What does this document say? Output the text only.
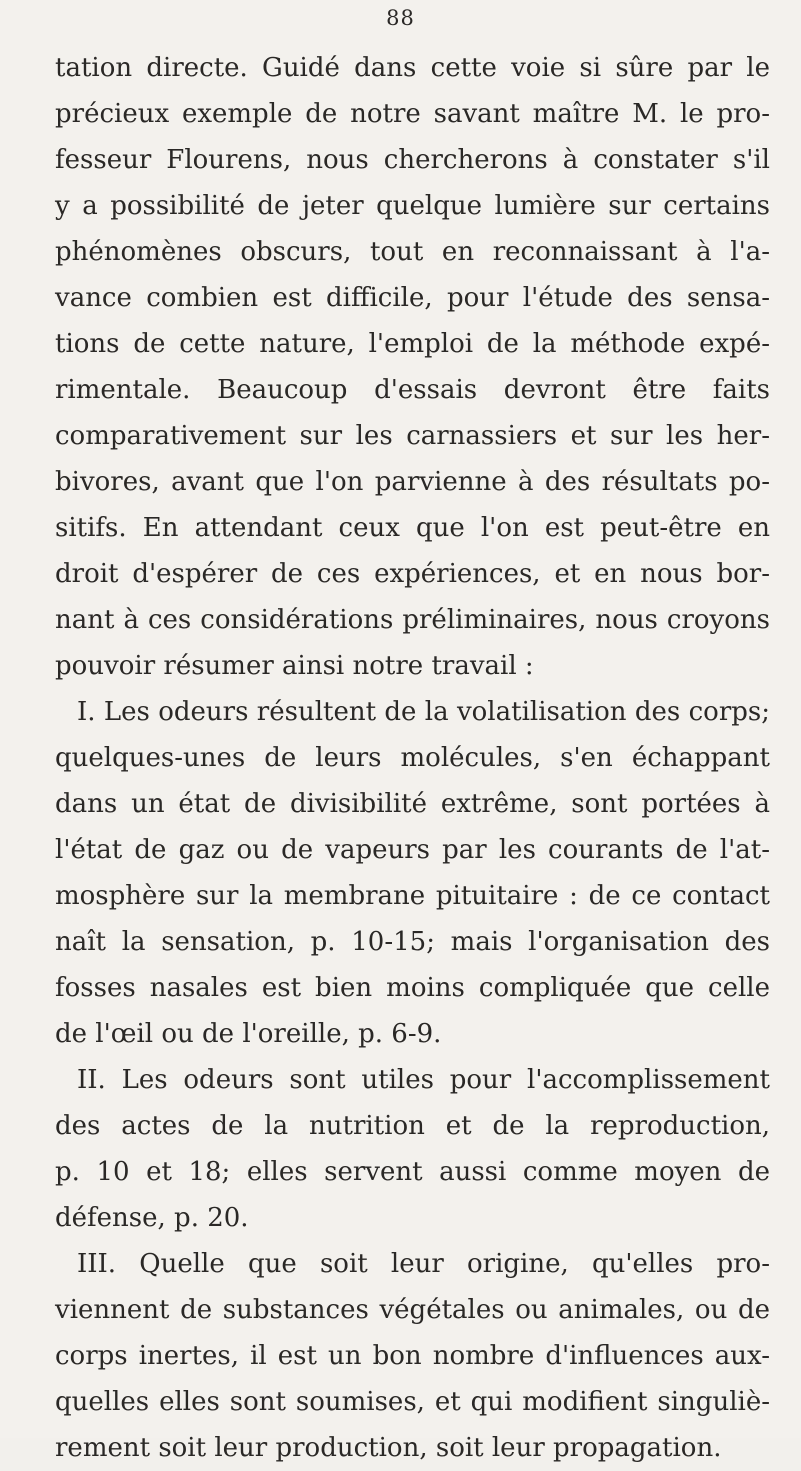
88
tation directe. Guidé dans cette voie si sûre par le
précieux exemple de notre savant maître M. le pro-
fesseur Flourens, nous chercherons à constater s'il
y a possibilité de jeter quelque lumière sur certains
phénomènes obscurs, tout en reconnaissant à l'a-
vance combien est difficile, pour l'étude des sensa-
tions de cette nature, l'emploi de la méthode expé-
rimentale. Beaucoup d'essais devront être faits
comparativement sur les carnassiers et sur les her-
bivores, avant que l'on parvienne à des résultats po-
sitifs. En attendant ceux que l'on est peut-être en
droit d'espérer de ces expériences, et en nous bor-
nant à ces considérations préliminaires, nous croyons
pouvoir résumer ainsi notre travail :
I. Les odeurs résultent de la volatilisation des corps;
quelques-unes de leurs molécules, s'en échappant
dans un état de divisibilité extrême, sont portées à
l'état de gaz ou de vapeurs par les courants de l'at-
mosphère sur la membrane pituitaire : de ce contact
naît la sensation, p. 10-15; mais l'organisation des
fosses nasales est bien moins compliquée que celle
de l'œil ou de l'oreille, p. 6-9.
II. Les odeurs sont utiles pour l'accomplissement
des actes de la nutrition et de la reproduction,
p. 10 et 18; elles servent aussi comme moyen de
défense, p. 20.
III. Quelle que soit leur origine, qu'elles pro-
viennent de substances végétales ou animales, ou de
corps inertes, il est un bon nombre d'influences aux-
quelles elles sont soumises, et qui modifient singuliè-
rement soit leur production, soit leur propagation.
